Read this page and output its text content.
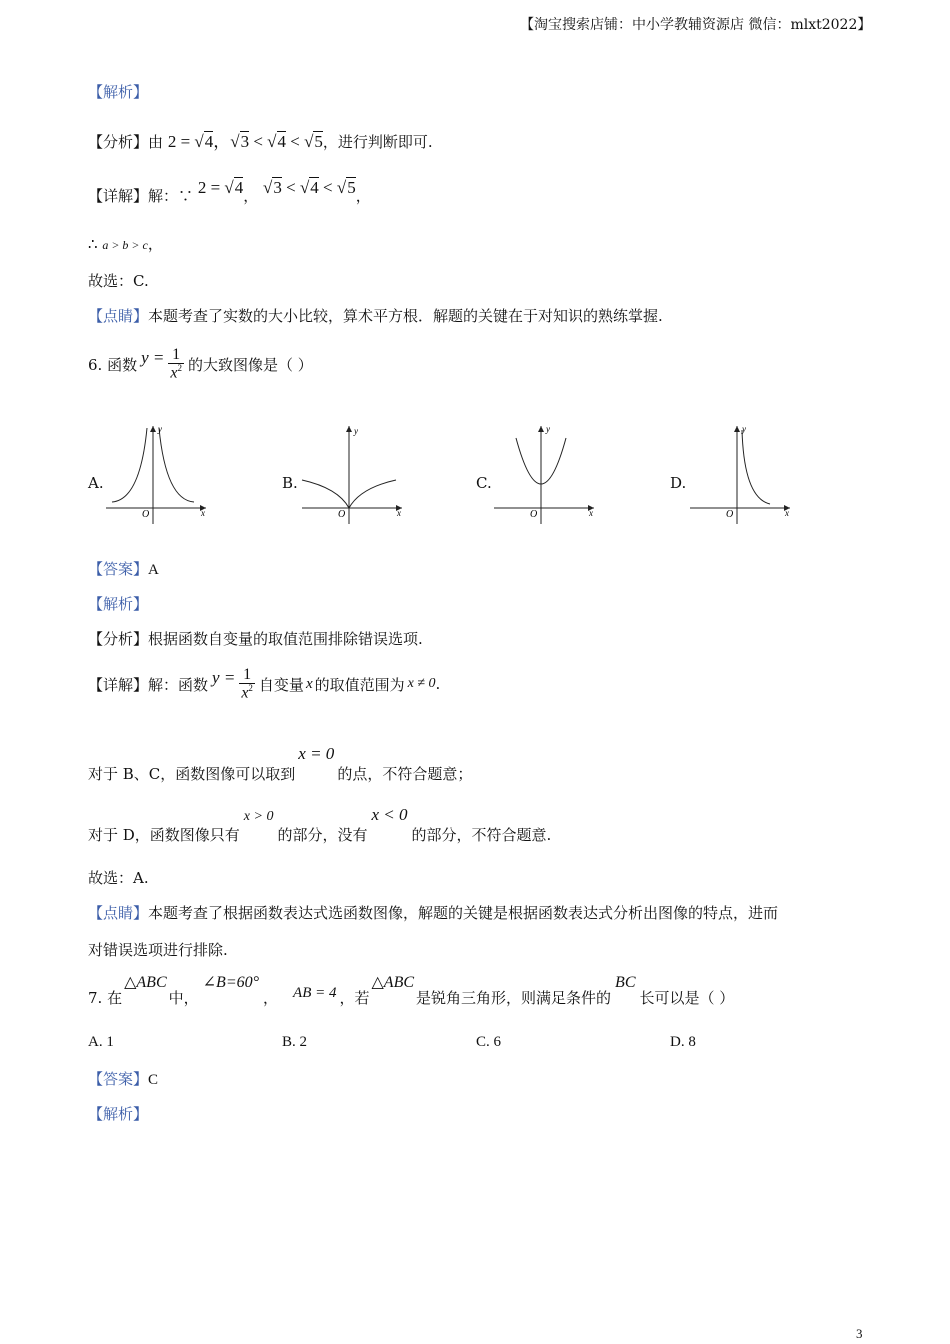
【淘宝搜索店铺：中小学教辅资源店 微信：mlxt2022】
【解析】
【分析】由 2 = √4，√3 < √4 < √5，进行判断即可.
【详解】解：∵ 2 = √4， √3 < √4 < √5，
∴ a > b > c，
故选：C.
【点睛】本题考查了实数的大小比较，算术平方根．解题的关键在于对知识的熟练掌握.
6. 函数 $y = \frac{1}{x^2}$ 的大致图像是（ ）
A.
y
x
O
B.
y
x
O
C.
y
x
O
D.
y
x
O
【答案】A
【解析】
【分析】根据函数自变量的取值范围排除错误选项.
【详解】 解：函数 $y = \frac{1}{x^2}$ 自变量 x 的取值范围为 x ≠ 0 .
对于 B、C，函数图像可以取到
x = 0
的点，不符合题意；
对于 D，函数图像只有
x > 0
的部分，没有
x < 0
的部分，不符合题意.
故选：A.
【点睛】本题考查了根据函数表达式选函数图像，解题的关键是根据函数表达式分析出图像的特点，进而
对错误选项进行排除.
7. 在
△ABC
中，
∠B=60°
， AB = 4 ，若
△ABC
是锐角三角形，则满足条件的
BC
长可以是（ ）
A. 1	B. 2	C. 6	D. 8
【答案】C
【解析】
3
